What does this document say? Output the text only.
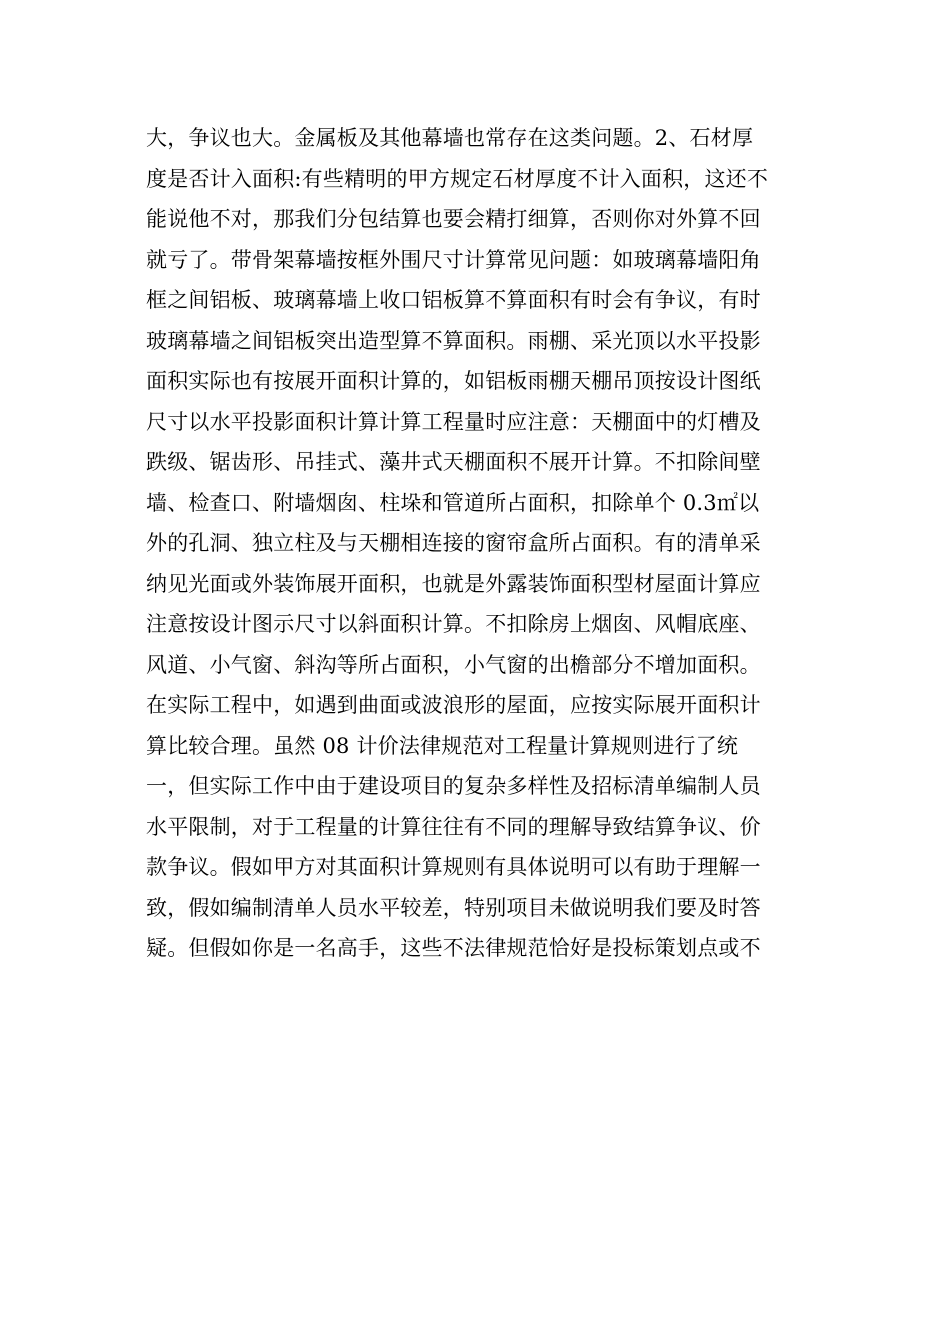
大，争议也大。金属板及其他幕墙也常存在这类问题。2、石材厚
度是否计入面积:有些精明的甲方规定石材厚度不计入面积，这还不
能说他不对，那我们分包结算也要会精打细算，否则你对外算不回
就亏了。带骨架幕墙按框外围尺寸计算常见问题：如玻璃幕墙阳角
框之间铝板、玻璃幕墙上收口铝板算不算面积有时会有争议，有时
玻璃幕墙之间铝板突出造型算不算面积。雨棚、采光顶以水平投影
面积实际也有按展开面积计算的，如铝板雨棚天棚吊顶按设计图纸
尺寸以水平投影面积计算计算工程量时应注意：天棚面中的灯槽及
跌级、锯齿形、吊挂式、藻井式天棚面积不展开计算。不扣除间壁
墙、检查口、附墙烟囱、柱垛和管道所占面积，扣除单个 0.3㎡以
外的孔洞、独立柱及与天棚相连接的窗帘盒所占面积。有的清单采
纳见光面或外装饰展开面积，也就是外露装饰面积型材屋面计算应
注意按设计图示尺寸以斜面积计算。不扣除房上烟囱、风帽底座、
风道、小气窗、斜沟等所占面积，小气窗的出檐部分不增加面积。
在实际工程中，如遇到曲面或波浪形的屋面，应按实际展开面积计
算比较合理。虽然 08 计价法律规范对工程量计算规则进行了统
一，但实际工作中由于建设项目的复杂多样性及招标清单编制人员
水平限制，对于工程量的计算往往有不同的理解导致结算争议、价
款争议。假如甲方对其面积计算规则有具体说明可以有助于理解一
致，假如编制清单人员水平较差，特别项目未做说明我们要及时答
疑。但假如你是一名高手，这些不法律规范恰好是投标策划点或不
